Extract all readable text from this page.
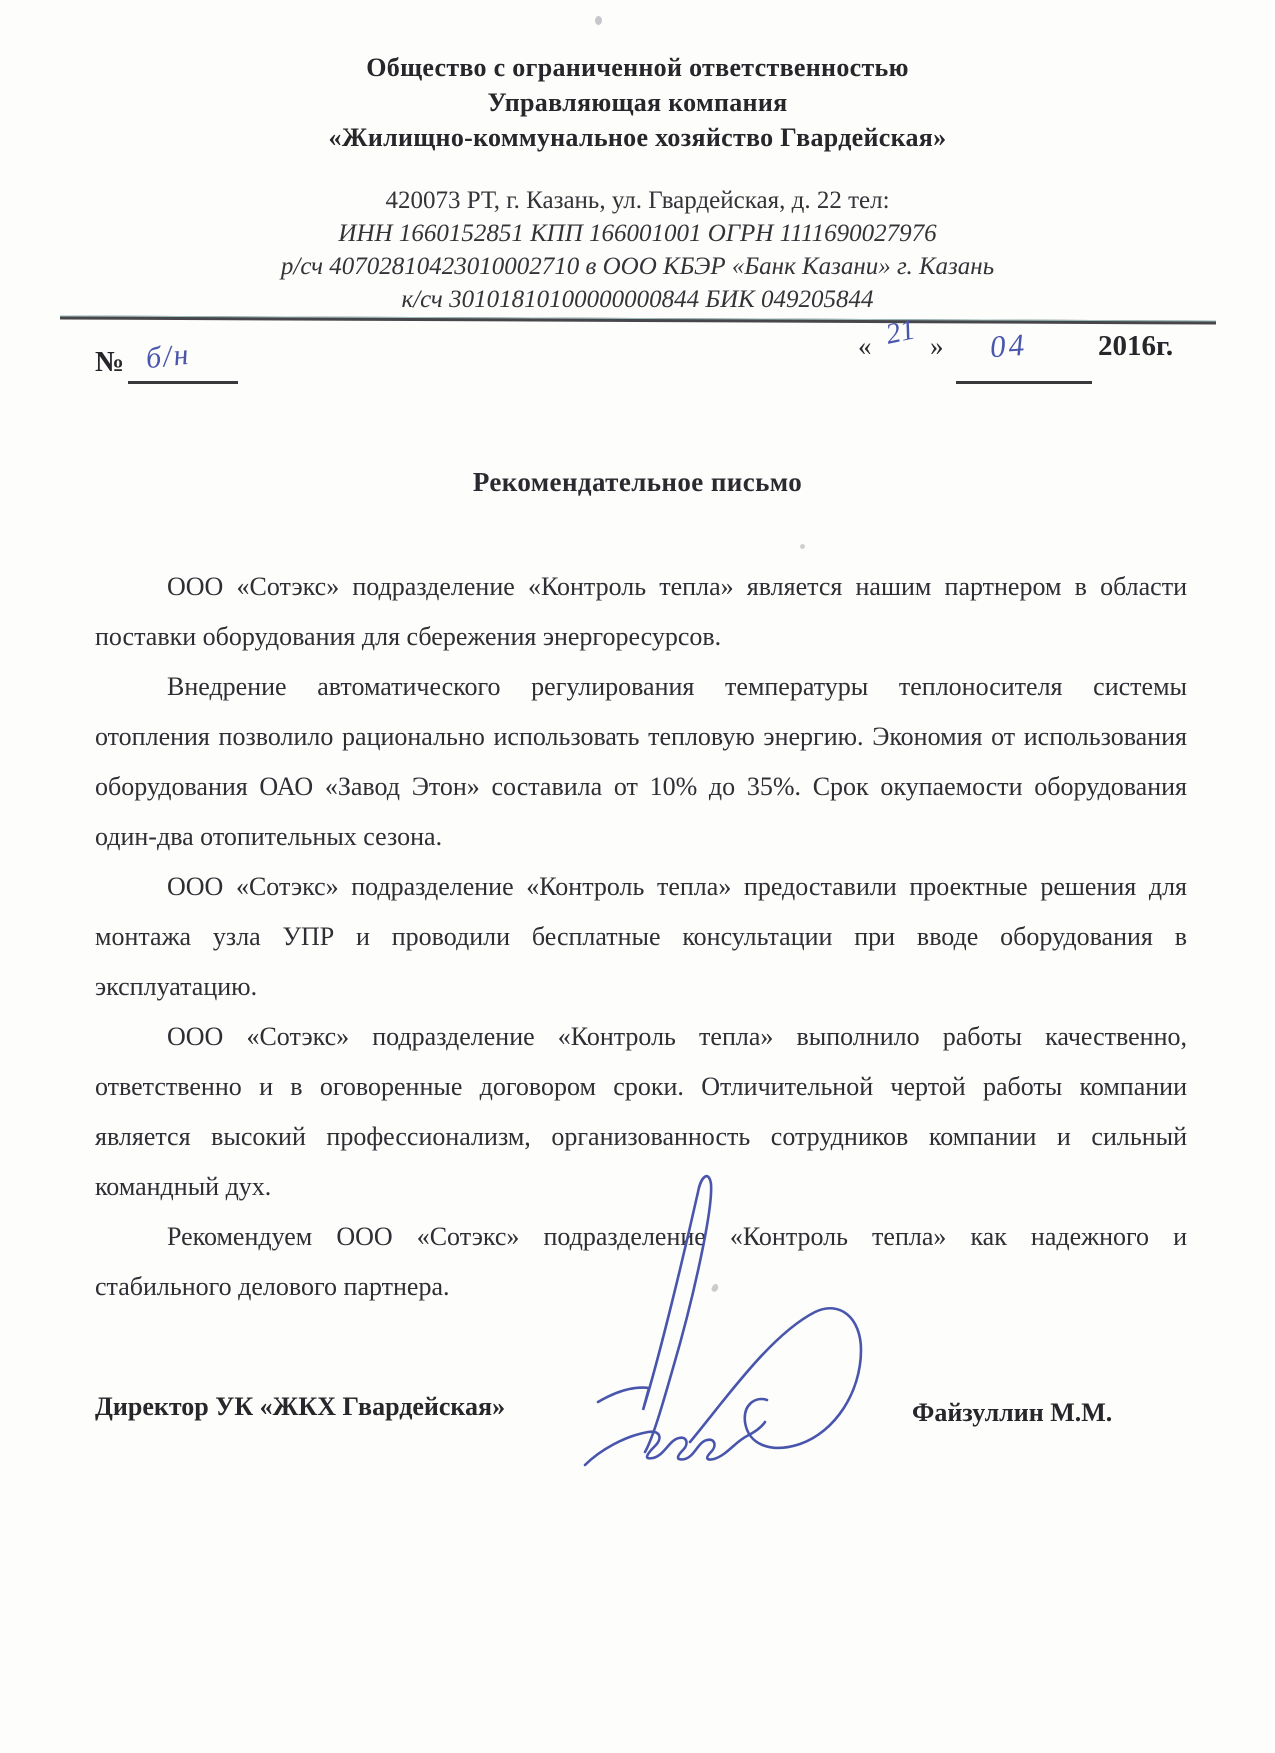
Общество с ограниченной ответственностью
Управляющая компания
«Жилищно-коммунальное хозяйство Гвардейская»
420073 РТ, г. Казань, ул. Гвардейская, д. 22 тел:
ИНН 1660152851 КПП 166001001 ОГРН 1111690027976
р/сч 40702810423010002710 в ООО КБЭР «Банк Казани» г. Казань
к/сч 30101810100000000844 БИК 049205844
№ б/н	« 21 » 04 2016г.
Рекомендательное письмо

ООО «Сотэкс» подразделение «Контроль тепла» является нашим партнером в области поставки оборудования для сбережения энергоресурсов.

Внедрение автоматического регулирования температуры теплоносителя системы отопления позволило рационально использовать тепловую энергию. Экономия от использования оборудования ОАО «Завод Этон» составила от 10% до 35%. Срок окупаемости оборудования один-два отопительных сезона.

ООО «Сотэкс» подразделение «Контроль тепла» предоставили проектные решения для монтажа узла УПР и проводили бесплатные консультации при вводе оборудования в эксплуатацию.

ООО «Сотэкс» подразделение «Контроль тепла» выполнило работы качественно, ответственно и в оговоренные договором сроки. Отличительной чертой работы компании является высокий профессионализм, организованность сотрудников компании и сильный командный дух.

Рекомендуем ООО «Сотэкс» подразделение «Контроль тепла» как надежного и стабильного делового партнера.

Директор УК «ЖКХ Гвардейская»	Файзуллин М.М.
